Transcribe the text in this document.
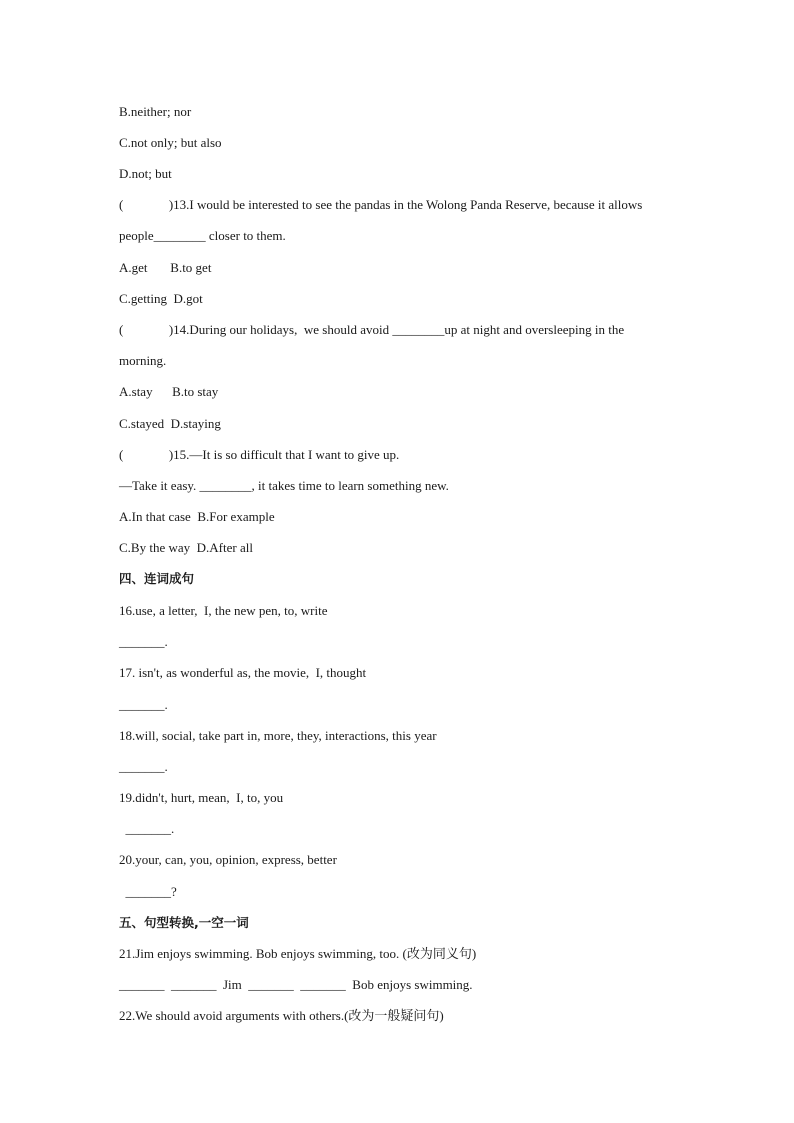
B.neither; nor
C.not only; but also
D.not; but
(              )13.I would be interested to see the pandas in the Wolong Panda Reserve, because it allows
people________ closer to them.
A.get       B.to get
C.getting  D.got
(              )14.During our holidays,  we should avoid ________up at night and oversleeping in the
morning.
A.stay      B.to stay
C.stayed  D.staying
(              )15.—It is so difficult that I want to give up.
—Take it easy. ________, it takes time to learn something new.
A.In that case  B.For example
C.By the way  D.After all
四、连词成句
16.use, a letter,  I, the new pen, to, write
_______.
17. isn't, as wonderful as, the movie,  I, thought
_______.
18.will, social, take part in, more, they, interactions, this year
_______.
19.didn't, hurt, mean,  I, to, you
_______.
20.your, can, you, opinion, express, better
_______?
五、句型转换,一空一词
21.Jim enjoys swimming. Bob enjoys swimming, too. (改为同义句)
_______  _______  Jim  _______  _______  Bob enjoys swimming.
22.We should avoid arguments with others.(改为一般疑问句)
